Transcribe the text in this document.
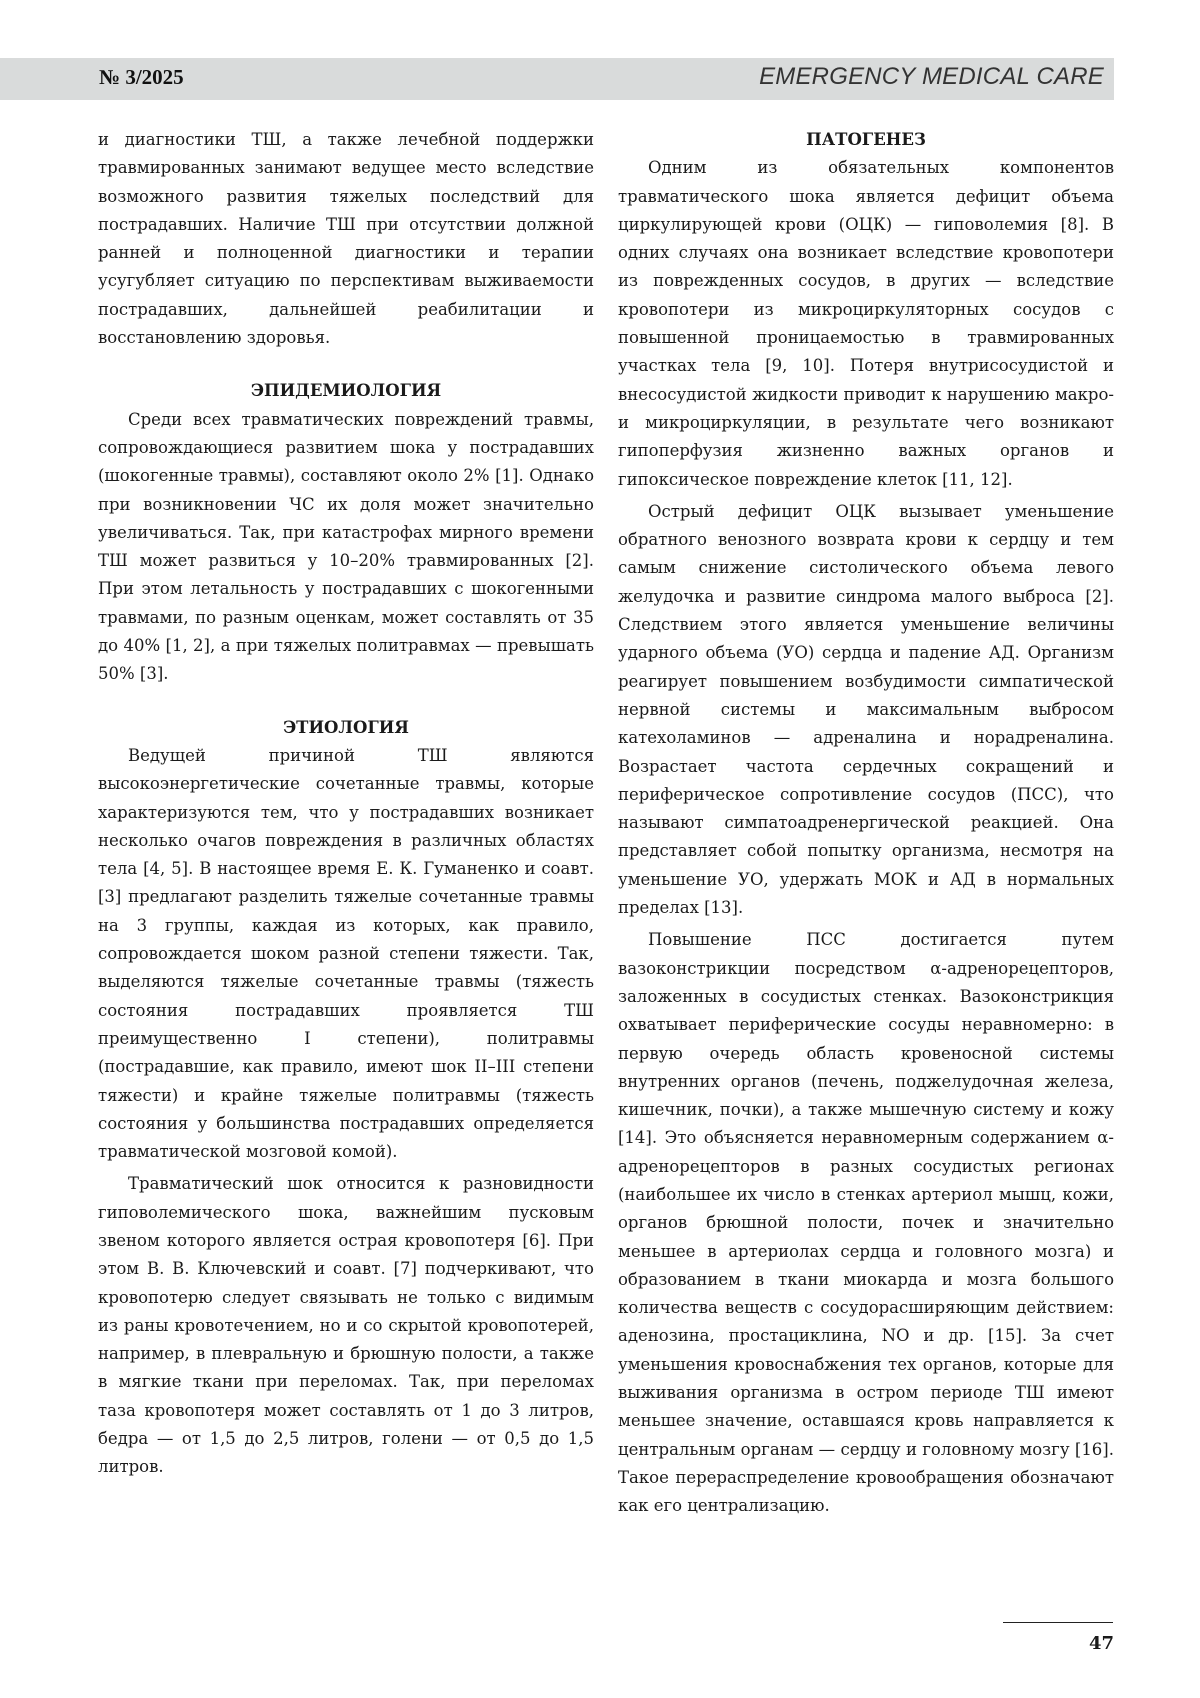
№ 3/2025	EMERGENCY MEDICAL CARE

и диагностики ТШ, а также лечебной поддержки травмированных занимают ведущее место вследствие возможного развития тяжелых последствий для пострадавших. Наличие ТШ при отсутствии должной ранней и полноценной диагностики и терапии усугубляет ситуацию по перспективам выживаемости пострадавших, дальнейшей реабилитации и восстановлению здоровья.

ЭПИДЕМИОЛОГИЯ

Среди всех травматических повреждений травмы, сопровождающиеся развитием шока у пострадавших (шокогенные травмы), составляют около 2% [1]. Однако при возникновении ЧС их доля может значительно увеличиваться. Так, при катастрофах мирного времени ТШ может развиться у 10–20% травмированных [2]. При этом летальность у пострадавших с шокогенными травмами, по разным оценкам, может составлять от 35 до 40% [1, 2], а при тяжелых политравмах — превышать 50% [3].

ЭТИОЛОГИЯ

Ведущей причиной ТШ являются высокоэнергетические сочетанные травмы, которые характеризуются тем, что у пострадавших возникает несколько очагов повреждения в различных областях тела [4, 5]. В настоящее время Е. К. Гуманенко и соавт. [3] предлагают разделить тяжелые сочетанные травмы на 3 группы, каждая из которых, как правило, сопровождается шоком разной степени тяжести. Так, выделяются тяжелые сочетанные травмы (тяжесть состояния пострадавших проявляется ТШ преимущественно I степени), политравмы (пострадавшие, как правило, имеют шок II–III степени тяжести) и крайне тяжелые политравмы (тяжесть состояния у большинства пострадавших определяется травматической мозговой комой).

Травматический шок относится к разновидности гиповолемического шока, важнейшим пусковым звеном которого является острая кровопотеря [6]. При этом В. В. Ключевский и соавт. [7] подчеркивают, что кровопотерю следует связывать не только с видимым из раны кровотечением, но и со скрытой кровопотерей, например, в плевральную и брюшную полости, а также в мягкие ткани при переломах. Так, при переломах таза кровопотеря может составлять от 1 до 3 литров, бедра — от 1,5 до 2,5 литров, голени — от 0,5 до 1,5 литров.

ПАТОГЕНЕЗ

Одним из обязательных компонентов травматического шока является дефицит объема циркулирующей крови (ОЦК) — гиповолемия [8]. В одних случаях она возникает вследствие кровопотери из поврежденных сосудов, в других — вследствие кровопотери из микроциркуляторных сосудов с повышенной проницаемостью в травмированных участках тела [9, 10]. Потеря внутрисосудистой и внесосудистой жидкости приводит к нарушению макро- и микроциркуляции, в результате чего возникают гипоперфузия жизненно важных органов и гипоксическое повреждение клеток [11, 12].

Острый дефицит ОЦК вызывает уменьшение обратного венозного возврата крови к сердцу и тем самым снижение систолического объема левого желудочка и развитие синдрома малого выброса [2]. Следствием этого является уменьшение величины ударного объема (УО) сердца и падение АД. Организм реагирует повышением возбудимости симпатической нервной системы и максимальным выбросом катехоламинов — адреналина и норадреналина. Возрастает частота сердечных сокращений и периферическое сопротивление сосудов (ПСС), что называют симпатоадренергической реакцией. Она представляет собой попытку организма, несмотря на уменьшение УО, удержать МОК и АД в нормальных пределах [13].

Повышение ПСС достигается путем вазоконстрикции посредством α-адренорецепторов, заложенных в сосудистых стенках. Вазоконстрикция охватывает периферические сосуды неравномерно: в первую очередь область кровеносной системы внутренних органов (печень, поджелудочная железа, кишечник, почки), а также мышечную систему и кожу [14]. Это объясняется неравномерным содержанием α-адренорецепторов в разных сосудистых регионах (наибольшее их число в стенках артериол мышц, кожи, органов брюшной полости, почек и значительно меньшее в артериолах сердца и головного мозга) и образованием в ткани миокарда и мозга большого количества веществ с сосудорасширяющим действием: аденозина, простациклина, NO и др. [15]. За счет уменьшения кровоснабжения тех органов, которые для выживания организма в остром периоде ТШ имеют меньшее значение, оставшаяся кровь направляется к центральным органам — сердцу и головному мозгу [16]. Такое перераспределение кровообращения обозначают как его централизацию.

47
